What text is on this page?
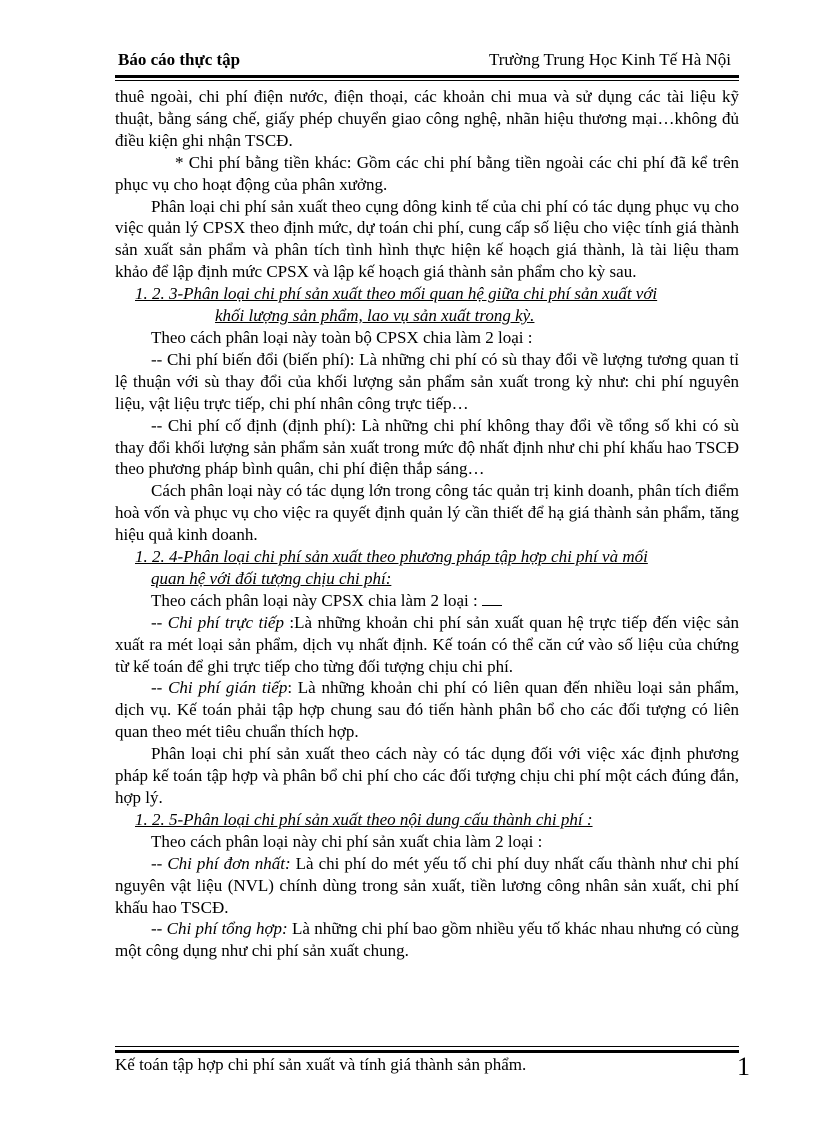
Báo cáo thực tập	Trường Trung Học Kinh Tế Hà Nội

thuê ngoài, chi phí điện nước, điện thoại, các khoản chi mua và sử dụng các tài liệu kỹ thuật, bằng sáng chế, giấy phép chuyển giao công nghệ, nhãn hiệu thương mại…không đủ điều kiện ghi nhận TSCĐ.

* Chi phí bằng tiền khác: Gồm các chi phí bằng tiền ngoài các chi phí đã kể trên phục vụ cho hoạt động của phân xưởng.

Phân loại chi phí sản xuất theo cụng dông kinh tế của chi phí có tác dụng phục vụ cho việc quản lý CPSX theo định mức, dự toán chi phí, cung cấp số liệu cho việc tính giá thành sản xuất sản phẩm và phân tích tình hình thực hiện kế hoạch giá thành, là tài liệu tham khảo để lập định mức CPSX và lập kế hoạch giá thành sản phẩm cho kỳ sau.

1. 2. 3-Phân loại chi phí sản xuất theo mối quan hệ giữa chi phí sản xuất với

khối lượng sản phẩm, lao vụ sản xuất trong kỳ.

Theo cách phân loại này toàn bộ CPSX chia làm 2 loại :

-- Chi phí biến đổi (biến phí): Là những chi phí có sù thay đổi về lượng tương quan tỉ lệ thuận với sù thay đổi của khối lượng sản phẩm sản xuất trong kỳ như: chi phí nguyên liệu, vật liệu trực tiếp, chi phí nhân công trực tiếp…

-- Chi phí cố định (định phí): Là những chi phí không thay đổi về tổng số khi có sù thay đổi khối lượng sản phẩm sản xuất trong mức độ nhất định như chi phí khấu hao TSCĐ theo phương pháp bình quân, chi phí điện thắp sáng…

Cách phân loại này có tác dụng lớn trong công tác quản trị kinh doanh, phân tích điểm hoà vốn và phục vụ cho việc ra quyết định quản lý cần thiết để hạ giá thành sản phẩm, tăng hiệu quả kinh doanh.

1. 2. 4-Phân loại chi phí sản xuất theo phương pháp tập hợp chi phí và mối

quan hệ với đối tượng chịu chi phí:

Theo cách phân loại này CPSX chia làm 2 loại :

-- Chi phí trực tiếp :Là những khoản chi phí sản xuất quan hệ trực tiếp đến việc sản xuất ra mét loại sản phẩm, dịch vụ nhất định. Kế toán có thể căn cứ vào số liệu của chứng từ kế toán để ghi trực tiếp cho từng đối tượng chịu chi phí.

-- Chi phí gián tiếp: Là những khoản chi phí có liên quan đến nhiều loại sản phẩm, dịch vụ. Kế toán phải tập hợp chung sau đó tiến hành phân bổ cho các đối tượng có liên quan theo mét tiêu chuẩn thích hợp.

Phân loại chi phí sản xuất theo cách này có tác dụng đối với việc xác định phương pháp kế toán tập hợp và phân bổ chi phí cho các đối tượng chịu chi phí một cách đúng đắn, hợp lý.

1. 2. 5-Phân loại chi phí sản xuất theo nội dung cấu thành chi phí :

Theo cách phân loại này chi phí sản xuất chia làm 2 loại :

-- Chi phí đơn nhất: Là chi phí do mét yếu tố chi phí duy nhất cấu thành như chi phí nguyên vật liệu (NVL) chính dùng trong sản xuất, tiền lương công nhân sản xuất, chi phí khấu hao TSCĐ.

-- Chi phí tổng hợp: Là những chi phí bao gồm nhiều yếu tố khác nhau nhưng có cùng một công dụng như chi phí sản xuất chung.

Kế toán tập hợp chi phí sản xuất và tính giá thành sản phẩm.	1
